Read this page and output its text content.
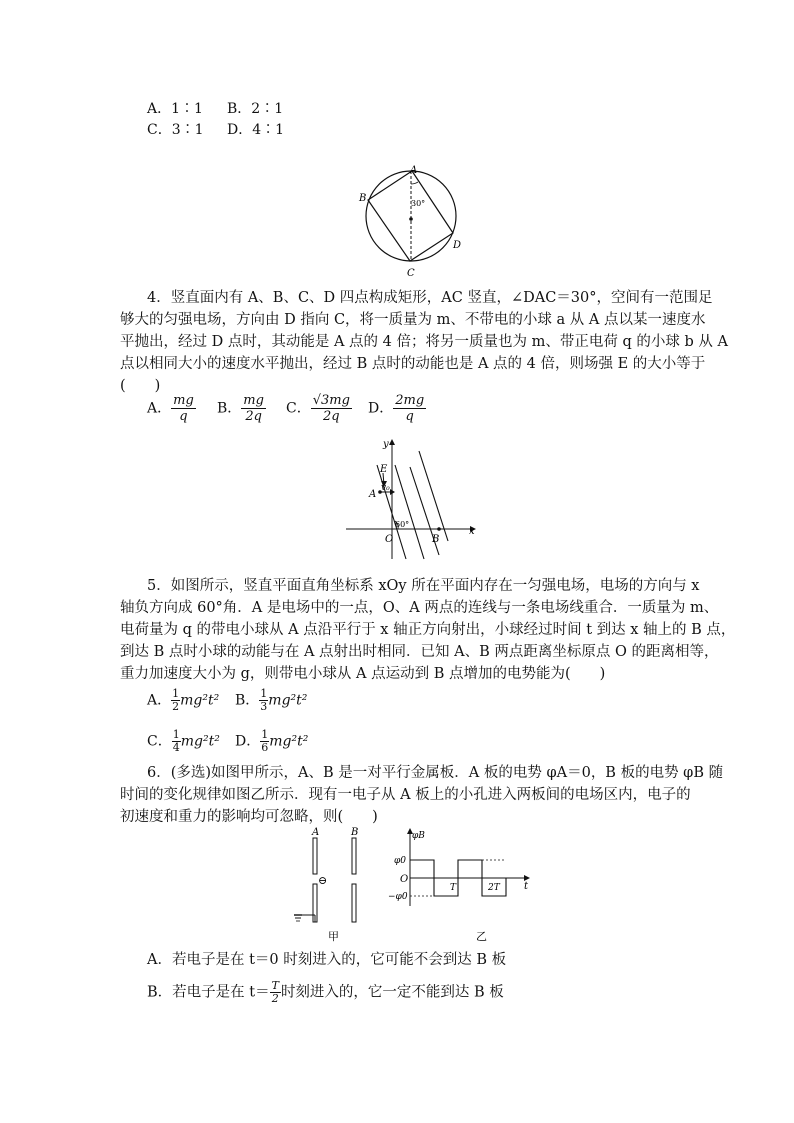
A．1∶1 B．2∶1
C．3∶1 D．4∶1
A
B
C
D
30°
4．竖直面内有 A、B、C、D 四点构成矩形，AC 竖直，∠DAC＝30°，空间有一范围足
够大的匀强电场，方向由 D 指向 C，将一质量为 m、不带电的小球 a 从 A 点以某一速度水
平抛出，经过 D 点时，其动能是 A 点的 4 倍；将另一质量也为 m、带正电荷 q 的小球 b 从 A
点以相同大小的速度水平抛出，经过 B 点时的动能也是 A 点的 4 倍，则场强 E 的大小等于
(　　)
A． $\frac{mg}{q}$ B． $\frac{mg}{2q}$ C． $\frac{√3mg}{2q}$ D． $\frac{2mg}{q}$
y
x
E
v₀
A
O	B
60°
5．如图所示，竖直平面直角坐标系 xOy 所在平面内存在一匀强电场，电场的方向与 x
轴负方向成 60°角．A 是电场中的一点，O、A 两点的连线与一条电场线重合．一质量为 m、
电荷量为 q 的带电小球从 A 点沿平行于 x 轴正方向射出，小球经过时间 t 到达 x 轴上的 B 点，
到达 B 点时小球的动能与在 A 点射出时相同．已知 A、B 两点距离坐标原点 O 的距离相等，
重力加速度大小为 g，则带电小球从 A 点运动到 B 点增加的电势能为(　　)
A． $\frac{1}{2} mg^2t^2$ B． $\frac{1}{3} mg^2t^2$
C． $\frac{1}{4} mg^2t^2$ D． $\frac{1}{6} mg^2t^2$
6．(多选)如图甲所示，A、B 是一对平行金属板．A 板的电势 φA＝0，B 板的电势 φB 随
时间的变化规律如图乙所示．现有一电子从 A 板上的小孔进入两板间的电场区内，电子的
初速度和重力的影响均可忽略，则(　　)
A	B
⊖
甲
φB
φ0
O
−φ0
T	2T t
乙
A．若电子是在 t＝0 时刻进入的，它可能不会到达 B 板
B．若电子是在 $t= \frac{T}{2}$ 时刻进入的，它一定不能到达 B 板
